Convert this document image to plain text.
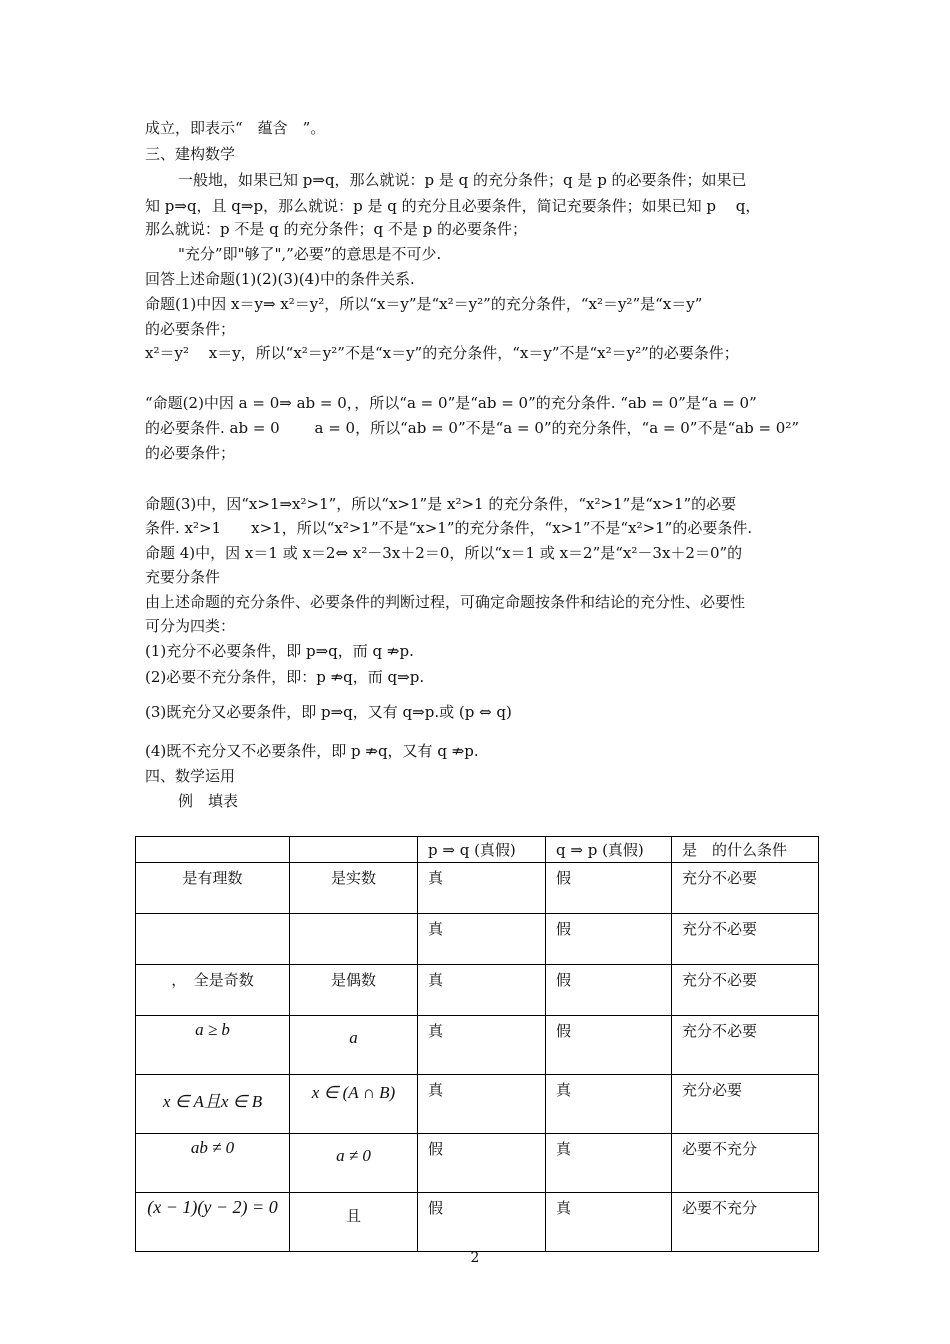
成立，即表示“　蕴含　”。
三、建构数学
一般地，如果已知 p⇒q，那么就说：p 是 q 的充分条件；q 是 p 的必要条件；如果已
知 p⇒q，且 q⇒p，那么就说：p 是 q 的充分且必要条件，简记充要条件；如果已知 p　 q，
那么就说：p 不是 q 的充分条件；q 不是 p 的必要条件；
"充分”即"够了",”必要”的意思是不可少.
回答上述命题(1)(2)(3)(4)中的条件关系.
命题(1)中因 x＝y⇒ x²＝y²，所以“x＝y”是“x²＝y²”的充分条件，“x²＝y²”是“x＝y”
的必要条件；
x²＝y²　 x＝y，所以“x²＝y²”不是“x＝y”的充分条件，“x＝y”不是“x²＝y²”的必要条件；
“命题(2)中因 a = 0⇒ ab = 0，，所以“a = 0”是“ab = 0”的充分条件. “ab = 0”是“a = 0”
的必要条件. ab = 0　　 a = 0，所以“ab = 0”不是“a = 0”的充分条件，“a = 0”不是“ab = 0²”
的必要条件；
命题(3)中，因“x>1⇒x²>1”，所以“x>1”是 x²>1 的充分条件，“x²>1”是“x>1”的必要
条件. x²>1　　x>1，所以“x²>1”不是“x>1”的充分条件，“x>1”不是“x²>1”的必要条件.
命题 4)中，因 x＝1 或 x＝2⇔ x²－3x＋2＝0，所以“x＝1 或 x＝2”是“x²－3x＋2＝0”的
充要分条件
由上述命题的充分条件、必要条件的判断过程，可确定命题按条件和结论的充分性、必要性
可分为四类：
(1)充分不必要条件，即 p⇒q，而 q ⇏p.
(2)必要不充分条件，即：p ⇏q，而 q⇒p.
(3)既充分又必要条件，即 p⇒q，又有 q⇒p.或 (p ⇔ q)
(4)既不充分又不必要条件，即 p ⇏q，又有 q ⇏p.
四、数学运用
例　填表
		p ⇒ q (真假)	q ⇒ p (真假)	是　的什么条件
是有理数	是实数	真	假	充分不必要
		真	假	充分不必要
，　全是奇数	是偶数	真	假	充分不必要
a ≥ b	a	真	假	充分不必要
x ∈ A且x ∈ B	x ∈ (A ∩ B)	真	真	充分必要
ab ≠ 0	a ≠ 0	假	真	必要不充分
(x − 1)(y − 2) = 0	且	假	真	必要不充分
2
